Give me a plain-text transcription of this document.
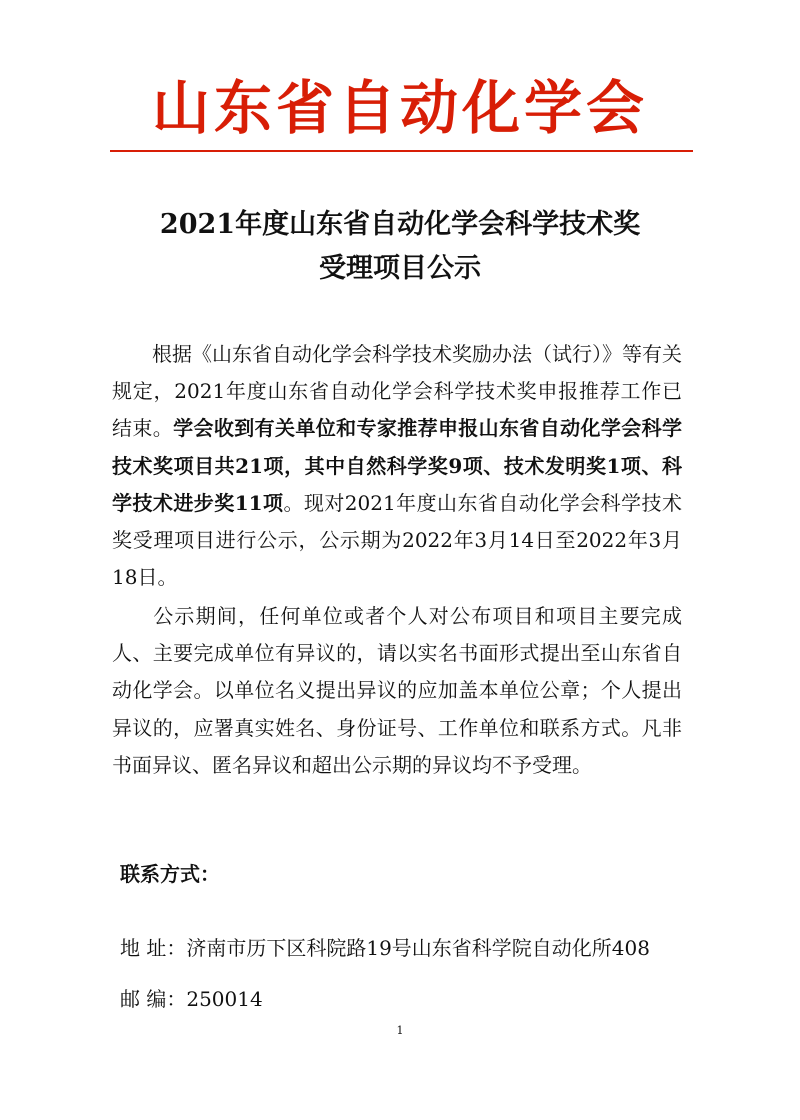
山东省自动化学会
2021年度山东省自动化学会科学技术奖
受理项目公示

根据《山东省自动化学会科学技术奖励办法（试行）》等有关规定，2021年度山东省自动化学会科学技术奖申报推荐工作已结束。学会收到有关单位和专家推荐申报山东省自动化学会科学技术奖项目共21项，其中自然科学奖9项、技术发明奖1项、科学技术进步奖11项。现对2021年度山东省自动化学会科学技术奖受理项目进行公示，公示期为2022年3月14日至2022年3月18日。

公示期间，任何单位或者个人对公布项目和项目主要完成人、主要完成单位有异议的，请以实名书面形式提出至山东省自动化学会。以单位名义提出异议的应加盖本单位公章；个人提出异议的，应署真实姓名、身份证号、工作单位和联系方式。凡非书面异议、匿名异议和超出公示期的异议均不予受理。

联系方式：
地 址：济南市历下区科院路19号山东省科学院自动化所408
邮 编：250014
1
